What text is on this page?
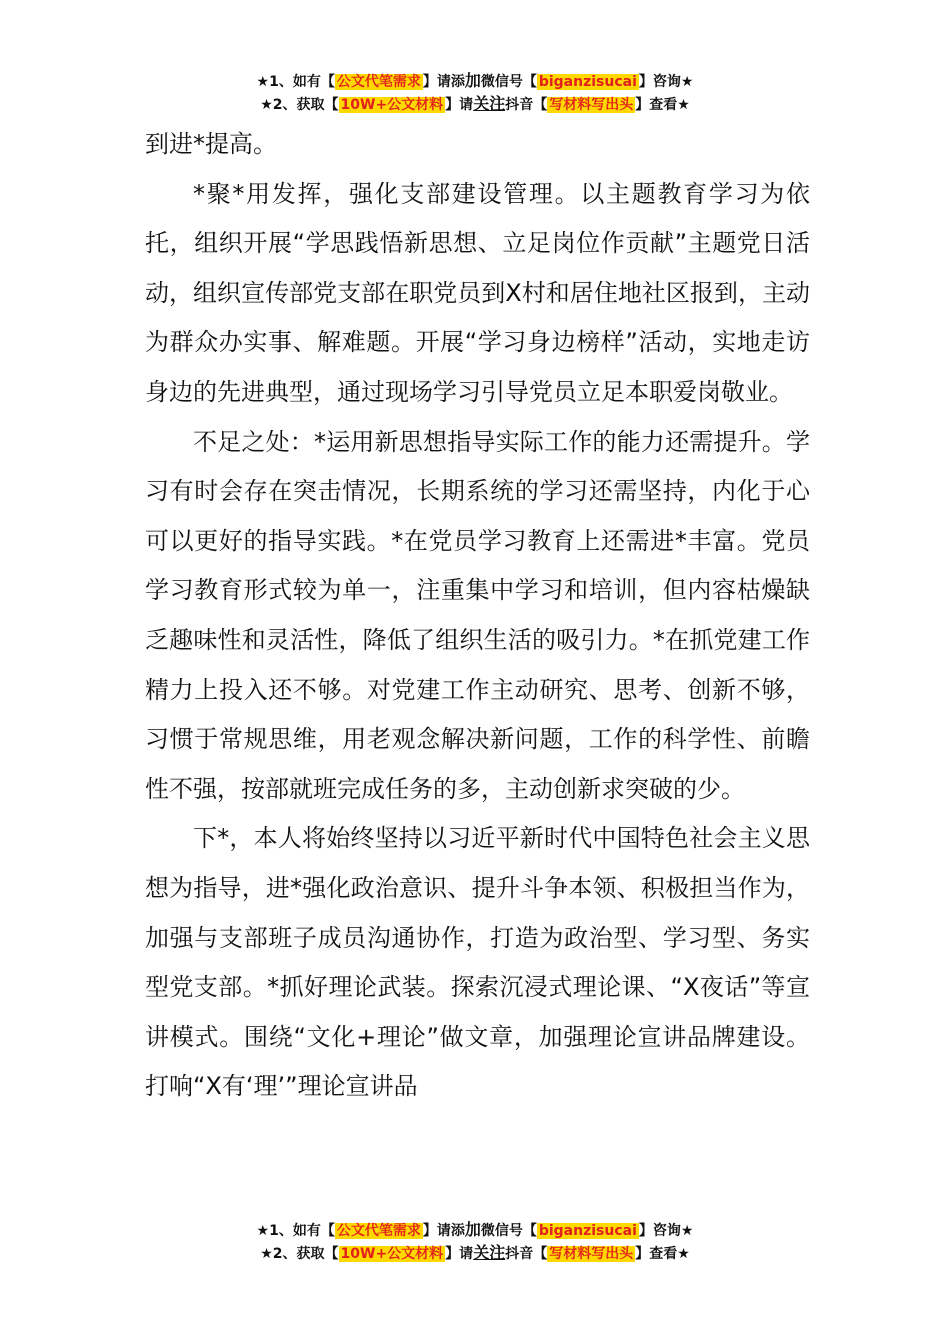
★1、如有【 公文代笔需求 】请添加微信号【 biganzisucai 】咨询★
★2、获取【 10W+公文材料 】请关注抖音【 写材料写出头 】查看★

到进*提高。

*聚*用发挥，强化支部建设管理。以主题教育学习为依托，组织开展“学思践悟新思想、立足岗位作贡献”主题党日活动，组织宣传部党支部在职党员到X村和居住地社区报到，主动为群众办实事、解难题。开展“学习身边榜样”活动，实地走访身边的先进典型，通过现场学习引导党员立足本职爱岗敬业。

不足之处：*运用新思想指导实际工作的能力还需提升。学习有时会存在突击情况，长期系统的学习还需坚持，内化于心可以更好的指导实践。*在党员学习教育上还需进*丰富。党员学习教育形式较为单一，注重集中学习和培训，但内容枯燥缺乏趣味性和灵活性，降低了组织生活的吸引力。*在抓党建工作精力上投入还不够。对党建工作主动研究、思考、创新不够，习惯于常规思维，用老观念解决新问题，工作的科学性、前瞻性不强，按部就班完成任务的多，主动创新求突破的少。

下*，本人将始终坚持以习近平新时代中国特色社会主义思想为指导，进*强化政治意识、提升斗争本领、积极担当作为，加强与支部班子成员沟通协作，打造为政治型、学习型、务实型党支部。*抓好理论武装。探索沉浸式理论课、“X夜话”等宣讲模式。围绕“文化+理论”做文章，加强理论宣讲品牌建设。打响“X有‘理’”理论宣讲品

★1、如有【 公文代笔需求 】请添加微信号【 biganzisucai 】咨询★
★2、获取【 10W+公文材料 】请关注抖音【 写材料写出头 】查看★
